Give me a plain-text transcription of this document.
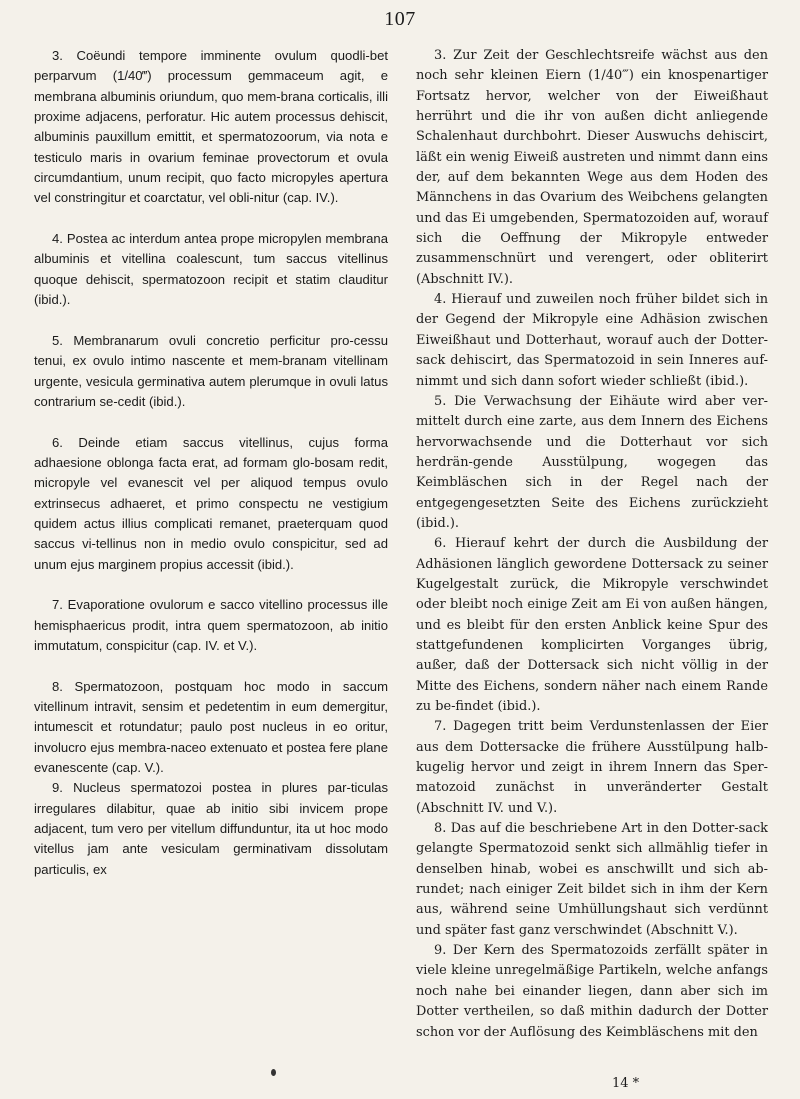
107

3. Coëundi tempore imminente ovulum quodli-bet perparvum (1/40‴) processum gemmaceum agit, e membrana albuminis oriundum, quo mem-brana corticalis, illi proxime adjacens, perforatur. Hic autem processus dehiscit, albuminis pauxillum emittit, et spermatozoorum, via nota e testiculo maris in ovarium feminae provectorum et ovula circumdantium, unum recipit, quo facto micropyles apertura vel constringitur et coarctatur, vel obli-nitur (cap. IV.).

4. Postea ac interdum antea prope micropylen membrana albuminis et vitellina coalescunt, tum saccus vitellinus quoque dehiscit, spermatozoon recipit et statim clauditur (ibid.).

5. Membranarum ovuli concretio perficitur pro-cessu tenui, ex ovulo intimo nascente et mem-branam vitellinam urgente, vesicula germinativa autem plerumque in ovuli latus contrarium se-cedit (ibid.).

6. Deinde etiam saccus vitellinus, cujus forma adhaesione oblonga facta erat, ad formam glo-bosam redit, micropyle vel evanescit vel per aliquod tempus ovulo extrinsecus adhaeret, et primo conspectu ne vestigium quidem actus illius complicati remanet, praeterquam quod saccus vi-tellinus non in medio ovulo conspicitur, sed ad unum ejus marginem propius accessit (ibid.).

7. Evaporatione ovulorum e sacco vitellino processus ille hemisphaericus prodit, intra quem spermatozoon, ab initio immutatum, conspicitur (cap. IV. et V.).

8. Spermatozoon, postquam hoc modo in saccum vitellinum intravit, sensim et pedetentim in eum demergitur, intumescit et rotundatur; paulo post nucleus in eo oritur, involucro ejus membra-naceo extenuato et postea fere plane evanescente (cap. V.).

9. Nucleus spermatozoi postea in plures par-ticulas irregulares dilabitur, quae ab initio sibi invicem prope adjacent, tum vero per vitellum diffunduntur, ita ut hoc modo vitellus jam ante vesiculam germinativam dissolutam particulis, ex

3. Zur Zeit der Geschlechtsreife wächst aus den noch sehr kleinen Eiern (1/40‴) ein knospenartiger Fortsatz hervor, welcher von der Eiweißhaut herrührt und die ihr von außen dicht anliegende Schalenhaut durchbohrt. Dieser Auswuchs dehiscirt, läßt ein wenig Eiweiß austreten und nimmt dann eins der, auf dem bekannten Wege aus dem Hoden des Männchens in das Ovarium des Weibchens gelangten und das Ei umgebenden, Spermatozoiden auf, worauf sich die Oeffnung der Mikropyle entweder zusammenschnürt und verengert, oder obliterirt (Abschnitt IV.).

4. Hierauf und zuweilen noch früher bildet sich in der Gegend der Mikropyle eine Adhäsion zwischen Eiweißhaut und Dotterhaut, worauf auch der Dotter-sack dehiscirt, das Spermatozoid in sein Inneres auf-nimmt und sich dann sofort wieder schließt (ibid.).

5. Die Verwachsung der Eihäute wird aber ver-mittelt durch eine zarte, aus dem Innern des Eichens hervorwachsende und die Dotterhaut vor sich herdrän-gende Ausstülpung, wogegen das Keimbläschen sich in der Regel nach der entgegengesetzten Seite des Eichens zurückzieht (ibid.).

6. Hierauf kehrt der durch die Ausbildung der Adhäsionen länglich gewordene Dottersack zu seiner Kugelgestalt zurück, die Mikropyle verschwindet oder bleibt noch einige Zeit am Ei von außen hängen, und es bleibt für den ersten Anblick keine Spur des stattgefundenen komplicirten Vorganges übrig, außer, daß der Dottersack sich nicht völlig in der Mitte des Eichens, sondern näher nach einem Rande zu be-findet (ibid.).

7. Dagegen tritt beim Verdunstenlassen der Eier aus dem Dottersacke die frühere Ausstülpung halb-kugelig hervor und zeigt in ihrem Innern das Sper-matozoid zunächst in unveränderter Gestalt (Abschnitt IV. und V.).

8. Das auf die beschriebene Art in den Dotter-sack gelangte Spermatozoid senkt sich allmählig tiefer in denselben hinab, wobei es anschwillt und sich ab-rundet; nach einiger Zeit bildet sich in ihm der Kern aus, während seine Umhüllungshaut sich verdünnt und später fast ganz verschwindet (Abschnitt V.).

9. Der Kern des Spermatozoids zerfällt später in viele kleine unregelmäßige Partikeln, welche anfangs noch nahe bei einander liegen, dann aber sich im Dotter vertheilen, so daß mithin dadurch der Dotter schon vor der Auflösung des Keimbläschens mit den

14 *
